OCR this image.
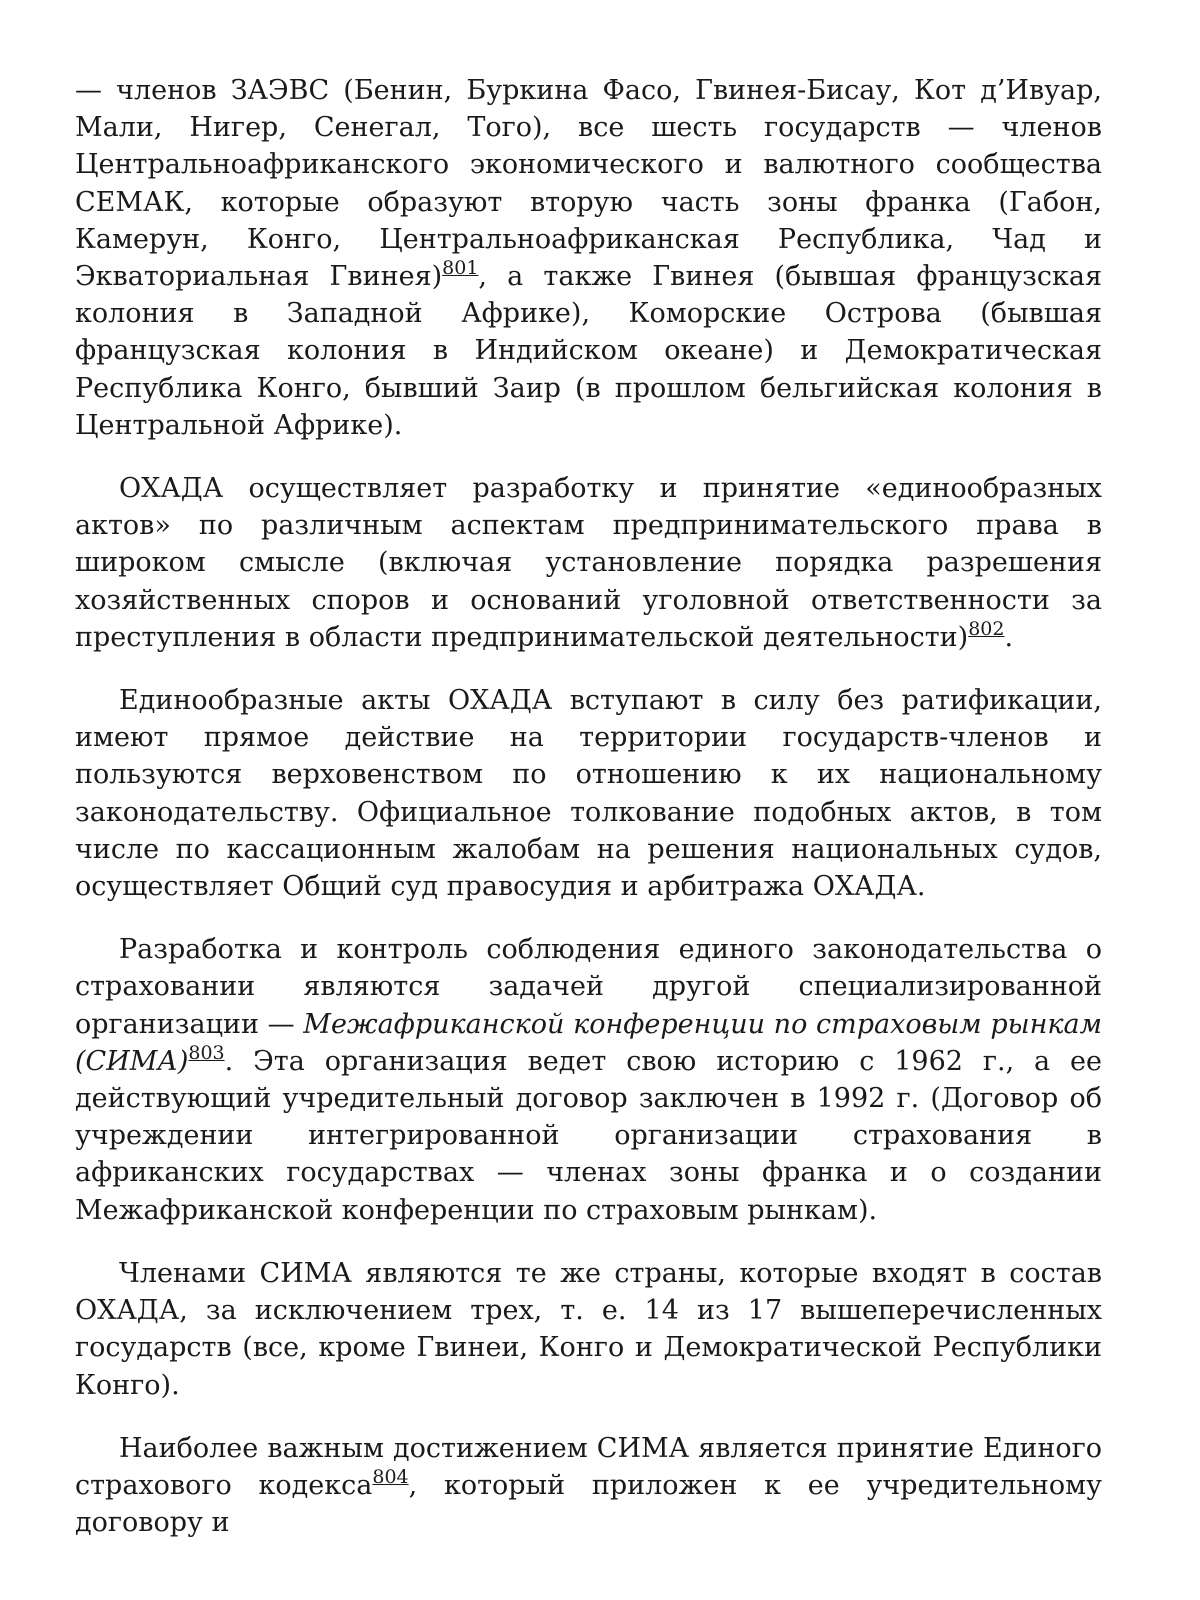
— членов ЗАЭВС (Бенин, Буркина Фасо, Гвинея-Бисау, Кот д’Ивуар, Мали, Нигер, Сенегал, Того), все шесть государств — членов Центральноафриканского экономического и валютного сообщества СЕМАК, которые образуют вторую часть зоны франка (Габон, Камерун, Конго, Центральноафриканская Республика, Чад и Экваториальная Гвинея)$^{801}$, а также Гвинея (бывшая французская колония в Западной Африке), Коморские Острова (бывшая французская колония в Индийском океане) и Демократическая Республика Конго, бывший Заир (в прошлом бельгийская колония в Центральной Африке).

ОХАДА осуществляет разработку и принятие «единообразных актов» по различным аспектам предпринимательского права в широком смысле (включая установление порядка разрешения хозяйственных споров и оснований уголовной ответственности за преступления в области предпринимательской деятельности)$^{802}$.

Единообразные акты ОХАДА вступают в силу без ратификации, имеют прямое действие на территории государств-членов и пользуются верховенством по отношению к их национальному законодательству. Официальное толкование подобных актов, в том числе по кассационным жалобам на решения национальных судов, осуществляет Общий суд правосудия и арбитража ОХАДА.

Разработка и контроль соблюдения единого законодательства о страховании являются задачей другой специализированной организации — Межафриканской конференции по страховым рынкам (СИМА)$^{803}$. Эта организация ведет свою историю с 1962 г., а ее действующий учредительный договор заключен в 1992 г. (Договор об учреждении интегрированной организации страхования в африканских государствах — членах зоны франка и о создании Межафриканской конференции по страховым рынкам).

Членами СИМА являются те же страны, которые входят в состав ОХАДА, за исключением трех, т. е. 14 из 17 вышеперечисленных государств (все, кроме Гвинеи, Конго и Демократической Республики Конго).

Наиболее важным достижением СИМА является принятие Единого страхового кодекса$^{804}$, который приложен к ее учредительному договору и
